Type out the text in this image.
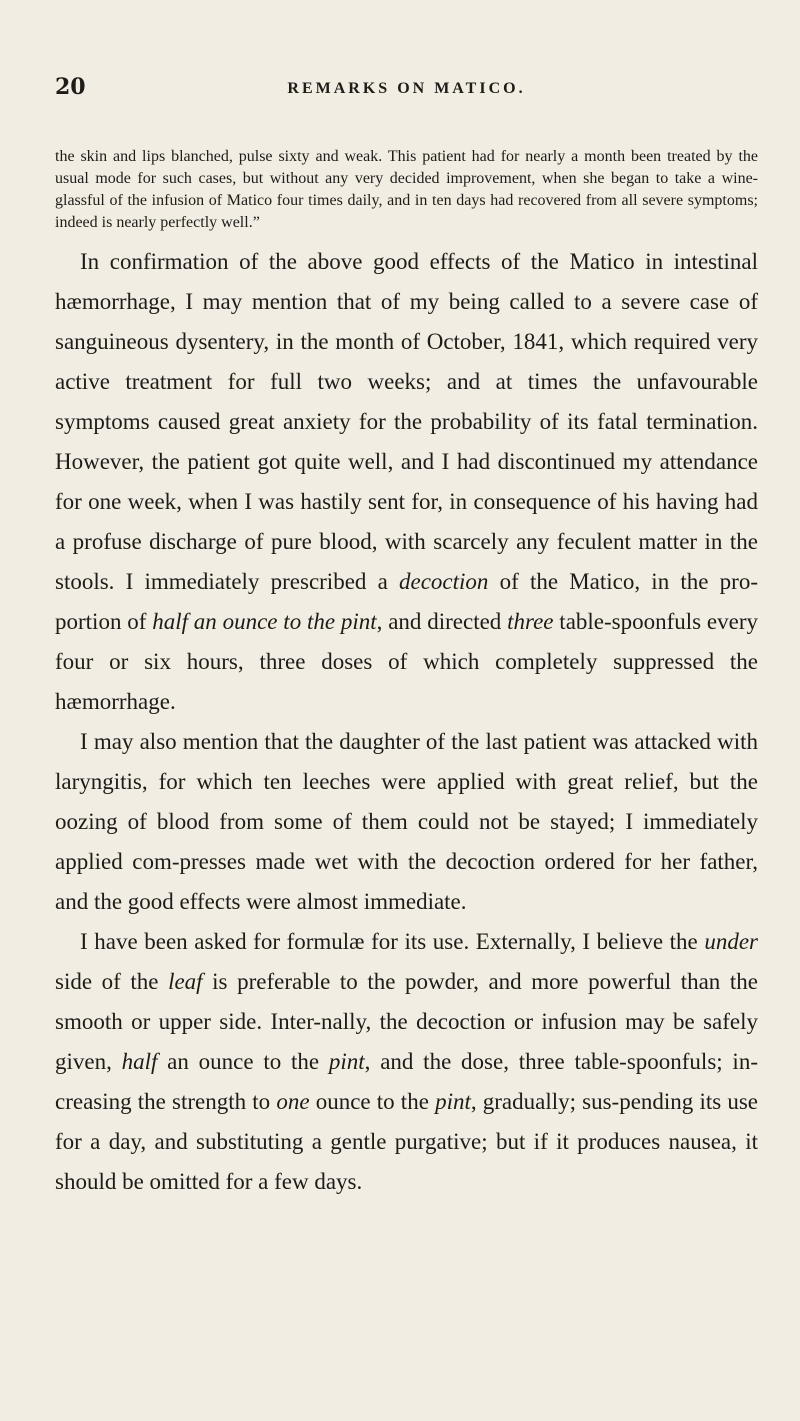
20	REMARKS ON MATICO.

the skin and lips blanched, pulse sixty and weak. This patient had for nearly a month been treated by the usual mode for such cases, but without any very decided improvement, when she began to take a wine-glassful of the infusion of Matico four times daily, and in ten days had recovered from all severe symptoms; indeed is nearly perfectly well.”

In confirmation of the above good effects of the Matico in intestinal hæmorrhage, I may mention that of my being called to a severe case of sanguineous dysentery, in the month of October, 1841, which required very active treatment for full two weeks; and at times the unfavourable symptoms caused great anxiety for the probability of its fatal termination. However, the patient got quite well, and I had discontinued my attendance for one week, when I was hastily sent for, in consequence of his having had a profuse discharge of pure blood, with scarcely any feculent matter in the stools. I immediately prescribed a decoction of the Matico, in the pro-portion of half an ounce to the pint, and directed three table-spoonfuls every four or six hours, three doses of which completely suppressed the hæmorrhage.

I may also mention that the daughter of the last patient was attacked with laryngitis, for which ten leeches were applied with great relief, but the oozing of blood from some of them could not be stayed; I immediately applied com-presses made wet with the decoction ordered for her father, and the good effects were almost immediate.

I have been asked for formulæ for its use. Externally, I believe the under side of the leaf is preferable to the powder, and more powerful than the smooth or upper side. Inter-nally, the decoction or infusion may be safely given, half an ounce to the pint, and the dose, three table-spoonfuls; in-creasing the strength to one ounce to the pint, gradually; sus-pending its use for a day, and substituting a gentle purgative; but if it produces nausea, it should be omitted for a few days.
